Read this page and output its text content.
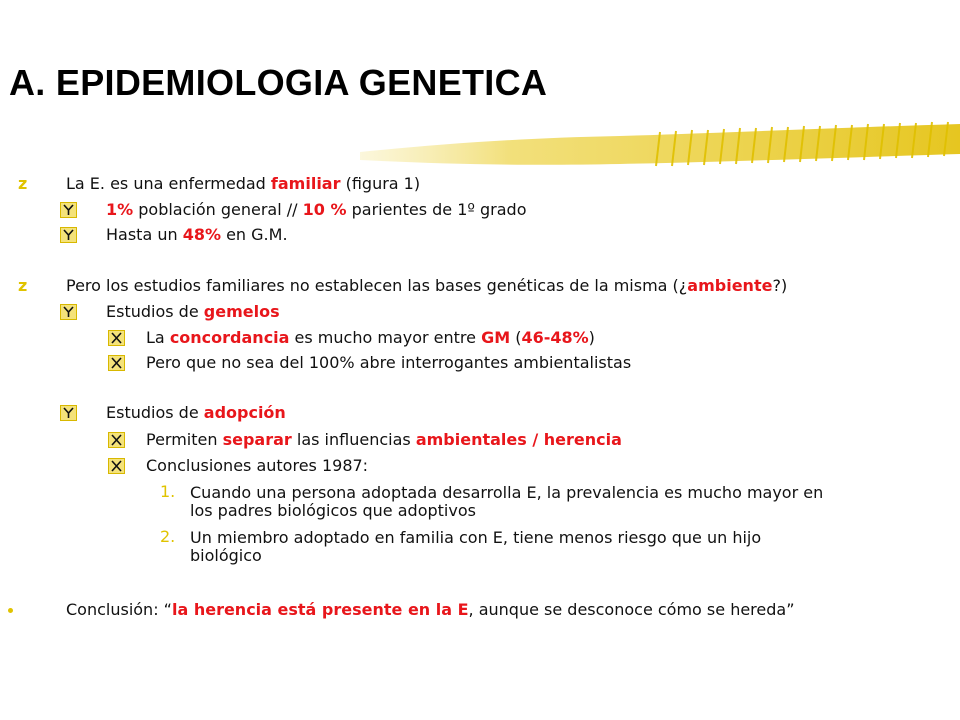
A. EPIDEMIOLOGIA GENETICA
z La E. es una enfermedad familiar (figura 1)
1% población general // 10 % parientes de 1º grado
Hasta un 48% en G.M.
z Pero los estudios familiares no establecen las bases genéticas de la misma (¿ambiente?)
Estudios de gemelos
La concordancia es mucho mayor entre GM (46-48%)
Pero que no sea del 100% abre interrogantes ambientalistas
Estudios de adopción
Permiten separar las influencias ambientales / herencia
Conclusiones autores 1987:
1. Cuando una persona adoptada desarrolla E, la prevalencia es mucho mayor en
los padres biológicos que adoptivos
2. Un miembro adoptado en familia con E, tiene menos riesgo que un hijo
biológico
Conclusión: “la herencia está presente en la E, aunque se desconoce cómo se hereda”
